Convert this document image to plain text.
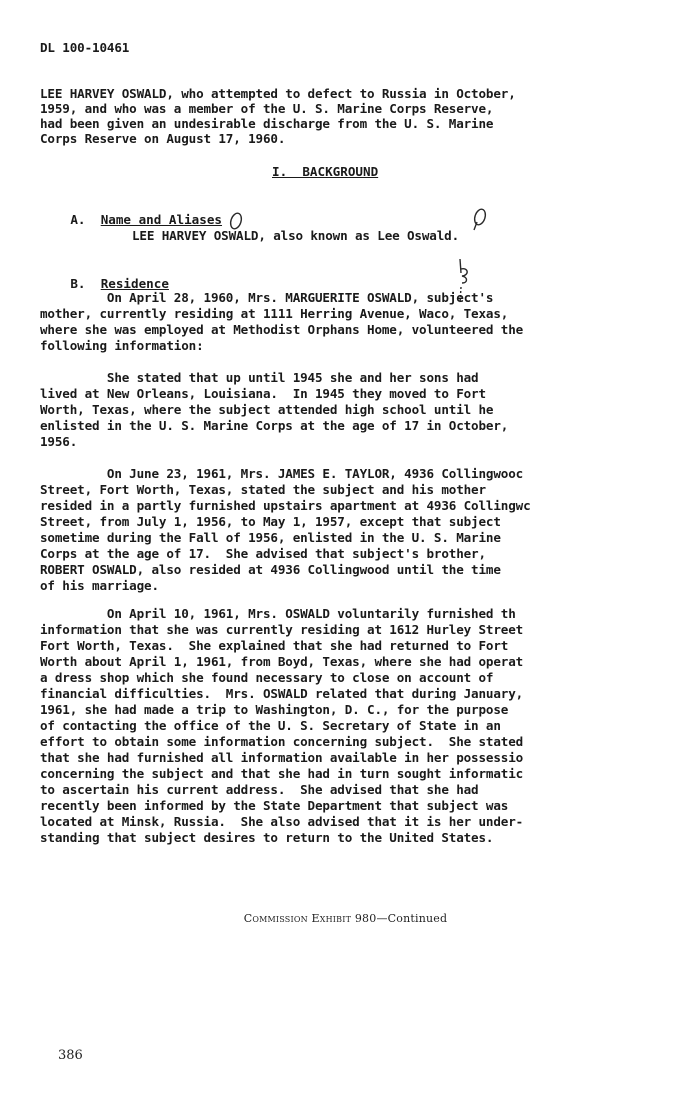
DL 100-10461
LEE HARVEY OSWALD, who attempted to defect to Russia in October,
1959, and who was a member of the U. S. Marine Corps Reserve,
had been given an undesirable discharge from the U. S. Marine
Corps Reserve on August 17, 1960.
I.  BACKGROUND

A. Name and Aliases

LEE HARVEY OSWALD, also known as Lee Oswald.

B. Residence

On April 28, 1960, Mrs. MARGUERITE OSWALD, subject's
mother, currently residing at 1111 Herring Avenue, Waco, Texas,
where she was employed at Methodist Orphans Home, volunteered the
following information:
She stated that up until 1945 she and her sons had
lived at New Orleans, Louisiana.  In 1945 they moved to Fort
Worth, Texas, where the subject attended high school until he
enlisted in the U. S. Marine Corps at the age of 17 in October,
1956.
On June 23, 1961, Mrs. JAMES E. TAYLOR, 4936 Collingwooc
Street, Fort Worth, Texas, stated the subject and his mother
resided in a partly furnished upstairs apartment at 4936 Collingwc
Street, from July 1, 1956, to May 1, 1957, except that subject
sometime during the Fall of 1956, enlisted in the U. S. Marine
Corps at the age of 17.  She advised that subject's brother,
ROBERT OSWALD, also resided at 4936 Collingwood until the time
of his marriage.
On April 10, 1961, Mrs. OSWALD voluntarily furnished th
information that she was currently residing at 1612 Hurley Street
Fort Worth, Texas.  She explained that she had returned to Fort
Worth about April 1, 1961, from Boyd, Texas, where she had operat
a dress shop which she found necessary to close on account of
financial difficulties.  Mrs. OSWALD related that during January,
1961, she had made a trip to Washington, D. C., for the purpose
of contacting the office of the U. S. Secretary of State in an
effort to obtain some information concerning subject.  She stated
that she had furnished all information available in her possessio
concerning the subject and that she had in turn sought informatic
to ascertain his current address.  She advised that she had
recently been informed by the State Department that subject was
located at Minsk, Russia.  She also advised that it is her under-
standing that subject desires to return to the United States.
Commission Exhibit 980—Continued
386
